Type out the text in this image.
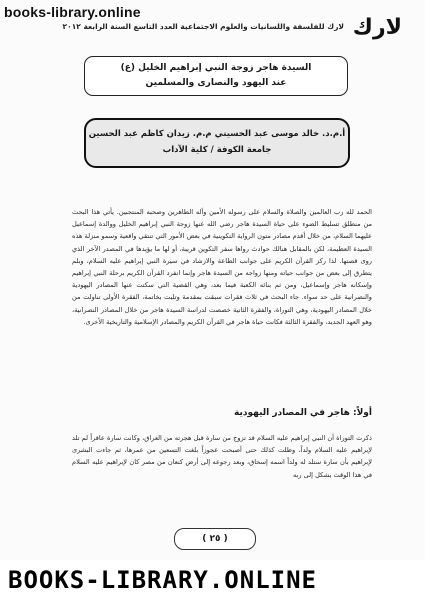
books-library.online
لارك للفلسفة واللسانيات والعلوم الاجتماعية العدد التاسع السنة الرابعة ٢٠١٢ لارك
السيدة هاجر زوجة النبي إبراهيم الخليل (ع)
عند اليهود والنصارى والمسلمين
أ.م.د. خالد موسى عبد الحسيني م.م. زيدان كاظم عبد الحسين
جامعة الكوفة / كلية الآداب
الحمد لله رب العالمين والصلاة والسلام على رسوله الأمين وآله الطاهرين وصحبه المنتجبين. يأتي هذا البحث من منطلق تسليط الضوء على حياة السيدة هاجر رضي الله عنها زوجة النبي إبراهيم الخليل ووالدة إسماعيل عليهما السلام، من خلال أقدم مصادر متون الرواية التكوينية في بعض الأمور التي تنتقي واقعية وسمو منزلة هذه السيدة العظيمة، لكن بالمقابل هنالك حوادث رواها سفر التكوين قريبة، أو لها ما يؤيدها في المصدر الآخر الذي روى قصتها. لذا ركز القرآن الكريم على جوانب الطاعة والارشاد في سيرة النبي إبراهيم عليه السلام، وبلم يتطرق إلى بعض من جوانب حياته ومنها زواجه من السيدة هاجر وإنما انفرد القرآن الكريم برحلة النبي إبراهيم وإسكانه هاجر وإسماعيل، ومن ثم بنائه الكعبة فيما بعد، وهي القضية التي سكتت عنها المصادر اليهودية والنصرانية على حد سواء. جاء البحث في ثلاث فقرات سبقت بمقدمة وتليت بخاتمة، الفقرة الأولى تناولت من خلال المصادر اليهودية، وهي التوراة، والفقرة الثانية خصصت لدراسة السيدة هاجر من خلال المصادر النصرانية، وهو العهد الجديد، والفقرة الثالثة فكانت حياة هاجر في القرآن الكريم والمصادر الإسلامية والتاريخية الأخرى.
أولاً: هاجر في المصادر اليهودية
ذكرت التوراة أن النبي إبراهيم عليه السلام قد تزوج من سارة قبل هجرته من العراق، وكانت سارة عاقراً لم تلد لإبراهيم عليه السلام ولداً، وظلت كذلك حتى أصبحت عجوزاً بلغت التسعين من عمرها، ثم جاءت البشرى لإبراهيم بأن سارة ستلد له ولداً اسمه إسحاق، وبعد رجوعه إلى أرض كنعان من مصر كان لإبراهيم عليه السلام في هذا الوقت بشكل إلى ربه
( ٢٥ )
BOOKS-LIBRARY.ONLINE
